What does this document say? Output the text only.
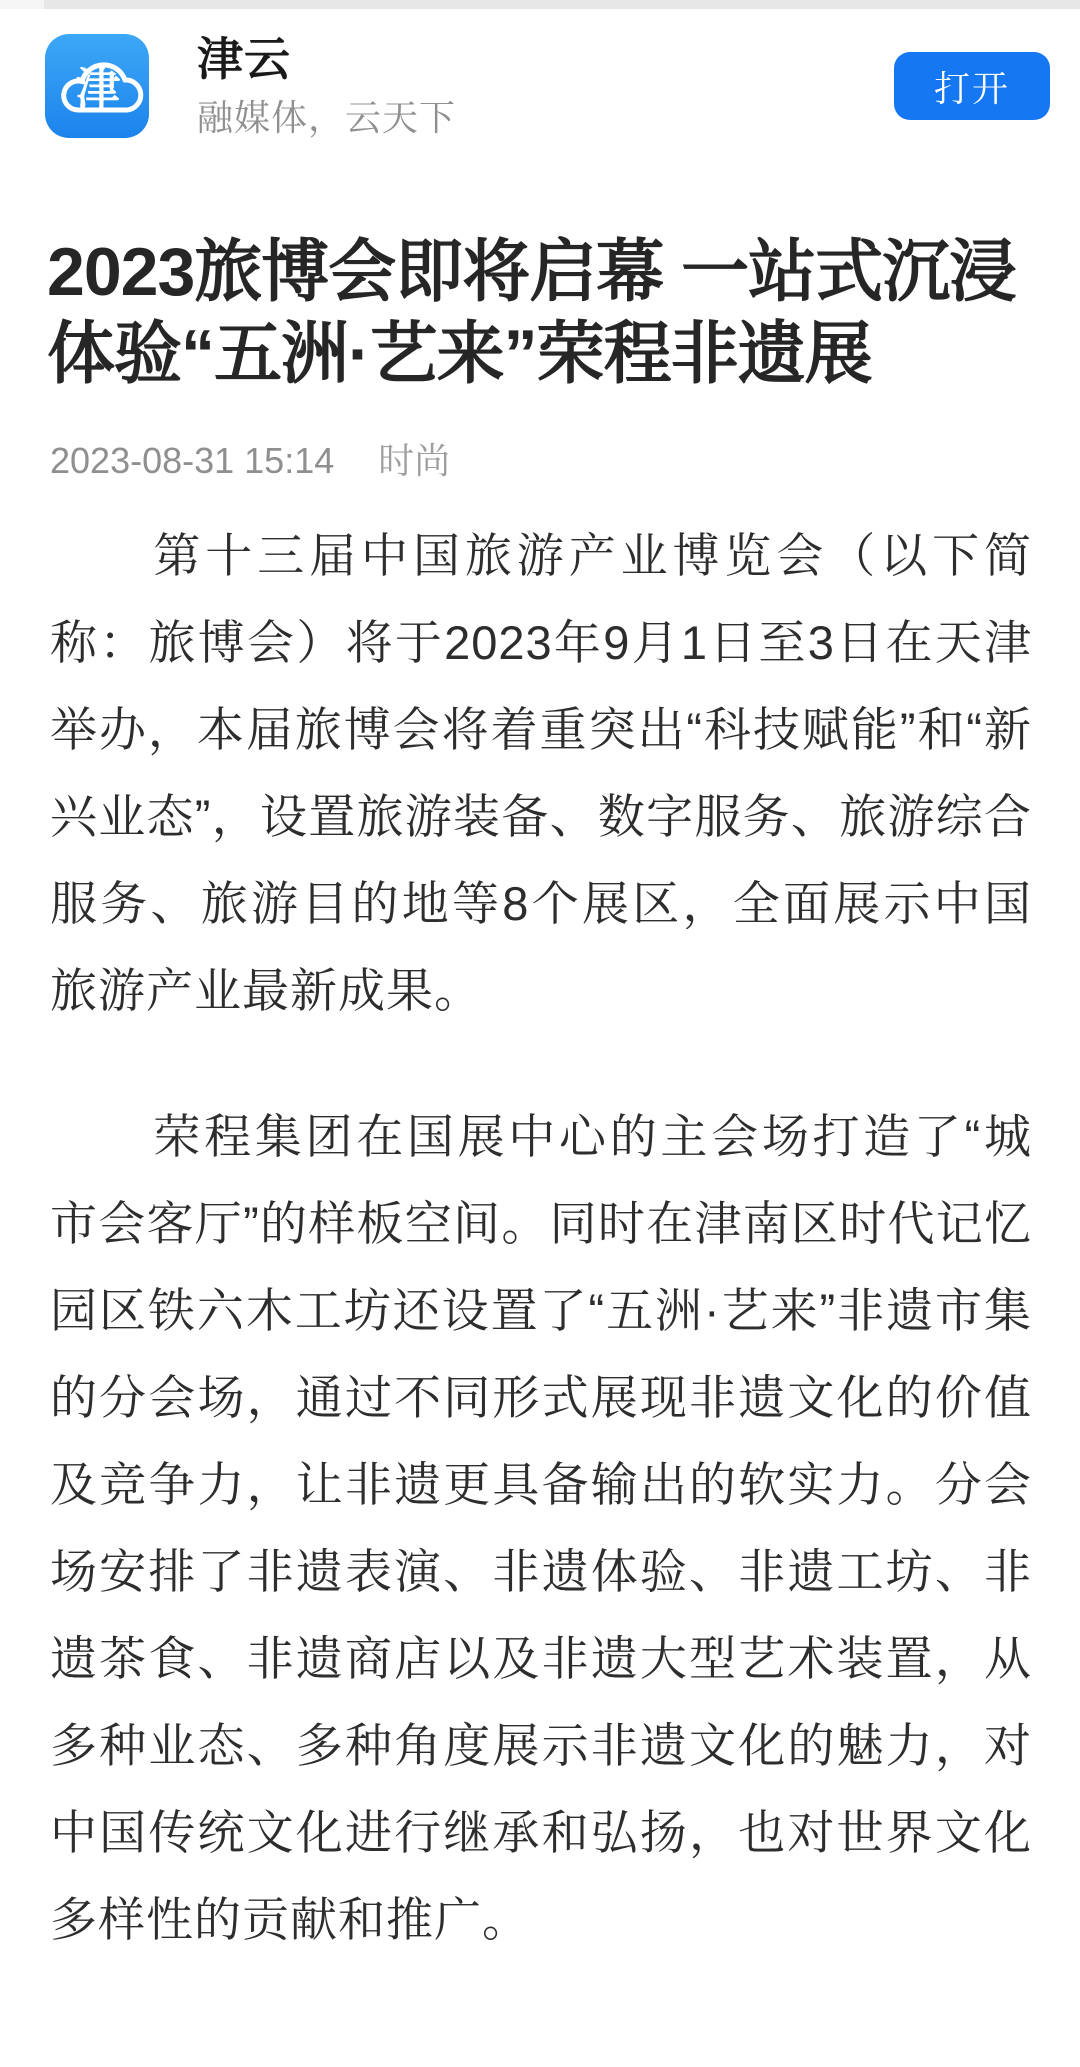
津
津云
融媒体，云天下
打开
2023旅博会即将启幕 一站式沉浸
体验“五洲·艺来”荣程非遗展
2023-08-31 15:14 时尚

第十三届中国旅游产业博览会（以下简称：旅博会）将于2023年9月1日至3日在天津举办，本届旅博会将着重突出“科技赋能”和“新兴业态”，设置旅游装备、数字服务、旅游综合服务、旅游目的地等8个展区，全面展示中国旅游产业最新成果。

荣程集团在国展中心的主会场打造了“城市会客厅”的样板空间。同时在津南区时代记忆园区铁六木工坊还设置了“五洲·艺来”非遗市集的分会场，通过不同形式展现非遗文化的价值及竞争力，让非遗更具备输出的软实力。分会场安排了非遗表演、非遗体验、非遗工坊、非遗茶食、非遗商店以及非遗大型艺术装置，从多种业态、多种角度展示非遗文化的魅力，对中国传统文化进行继承和弘扬，也对世界文化多样性的贡献和推广。
